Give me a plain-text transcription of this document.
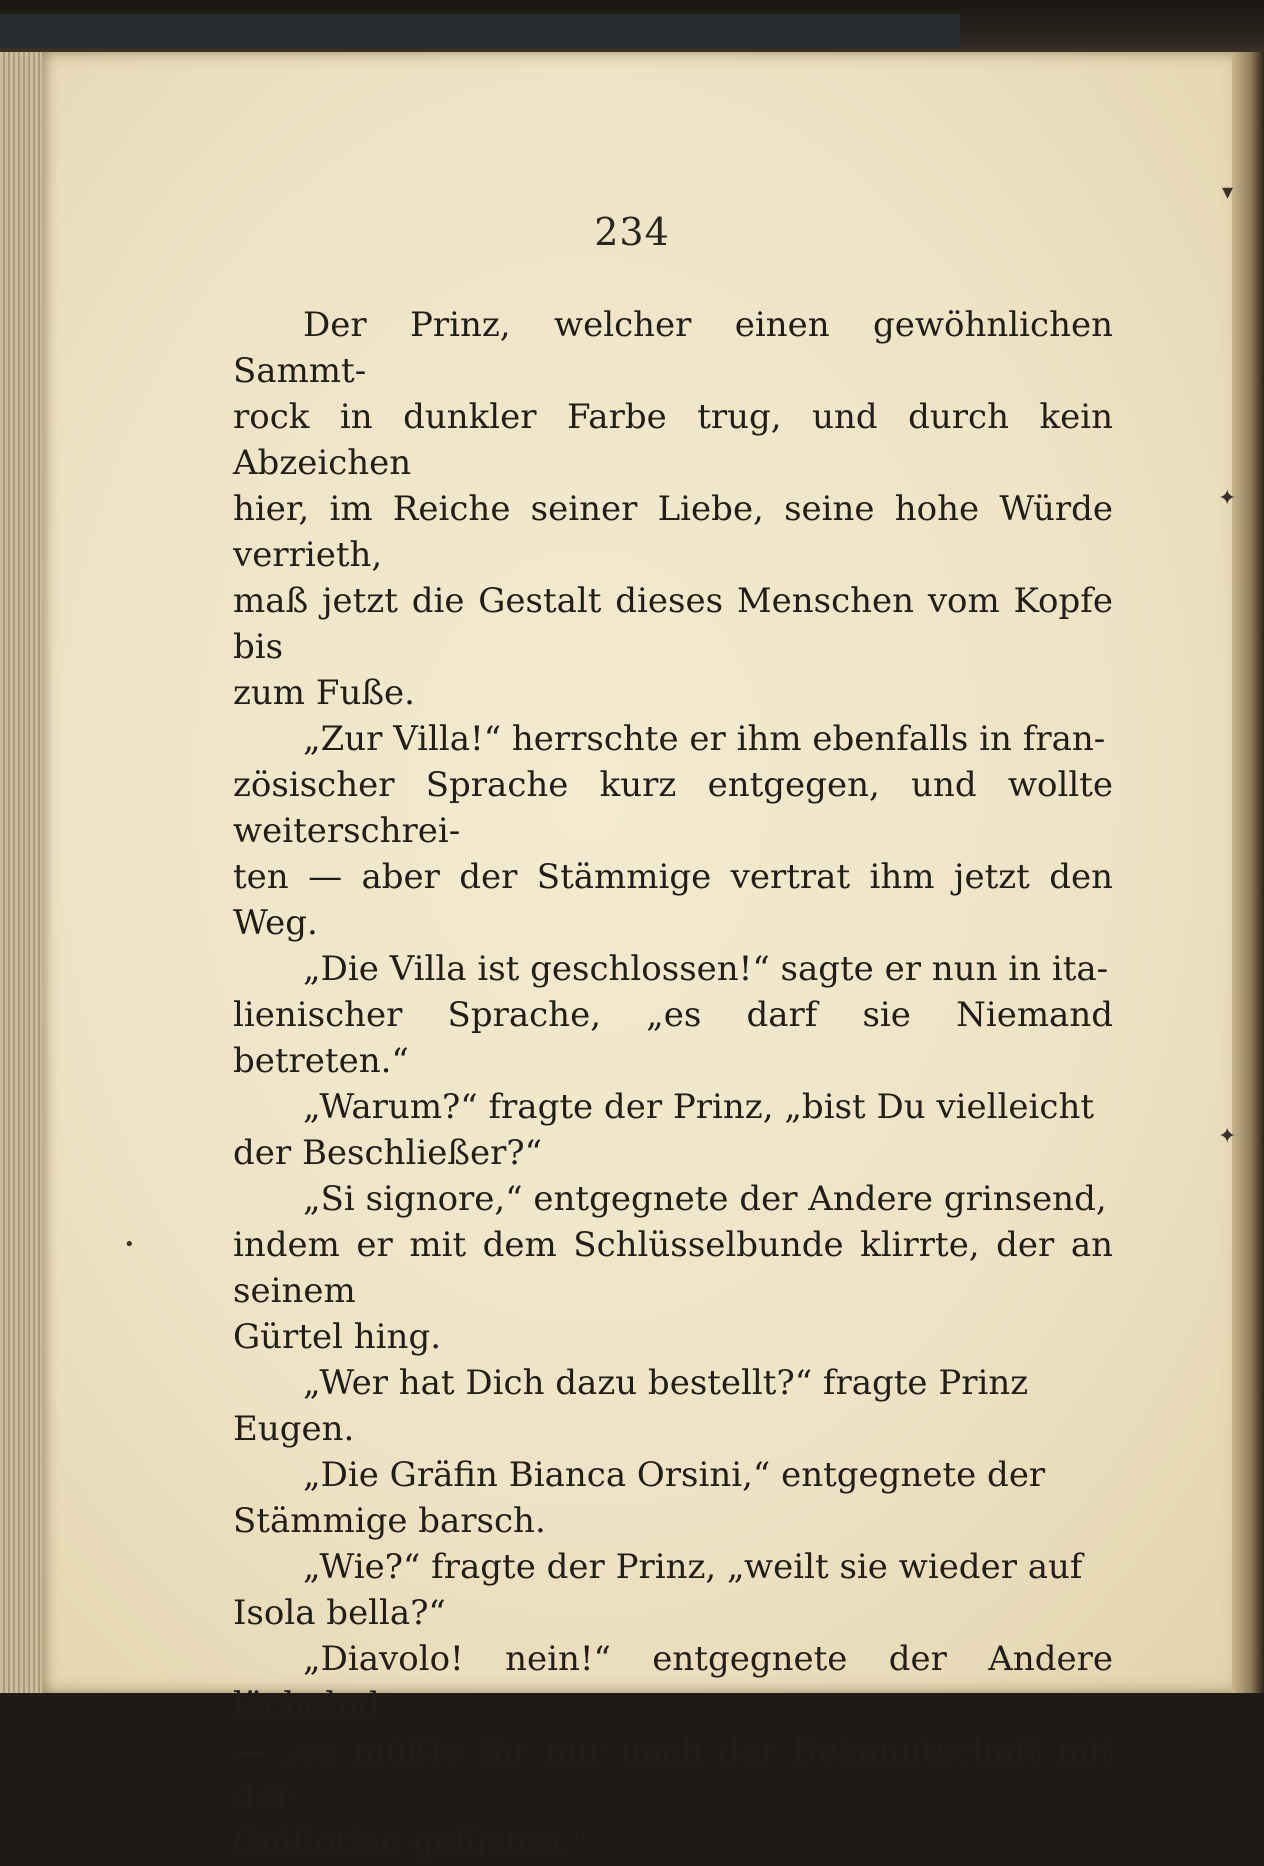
234

Der Prinz, welcher einen gewöhnlichen Sammt-
rock in dunkler Farbe trug, und durch kein Abzeichen
hier, im Reiche seiner Liebe, seine hohe Würde verrieth,
maß jetzt die Gestalt dieses Menschen vom Kopfe bis
zum Fuße.

„Zur Villa!“ herrschte er ihm ebenfalls in fran-
zösischer Sprache kurz entgegen, und wollte weiterschrei-
ten — aber der Stämmige vertrat ihm jetzt den Weg.

„Die Villa ist geschlossen!“ sagte er nun in ita-
lienischer Sprache, „es darf sie Niemand betreten.“

„Warum?“ fragte der Prinz, „bist Du vielleicht
der Beschließer?“

„Si signore,“ entgegnete der Andere grinsend,
indem er mit dem Schlüsselbunde klirrte, der an seinem
Gürtel hing.

„Wer hat Dich dazu bestellt?“ fragte Prinz
Eugen.

„Die Gräfin Bianca Orsini,“ entgegnete der
Stämmige barsch.

„Wie?“ fragte der Prinz, „weilt sie wieder auf
Isola bella?“

„Diavolo! nein!“ entgegnete der Andere lächelnd
— „es müßte ihr nur nach der Bekanntschaft mit der
Guillotine gelüsten.“

▾
✦
✦
•
